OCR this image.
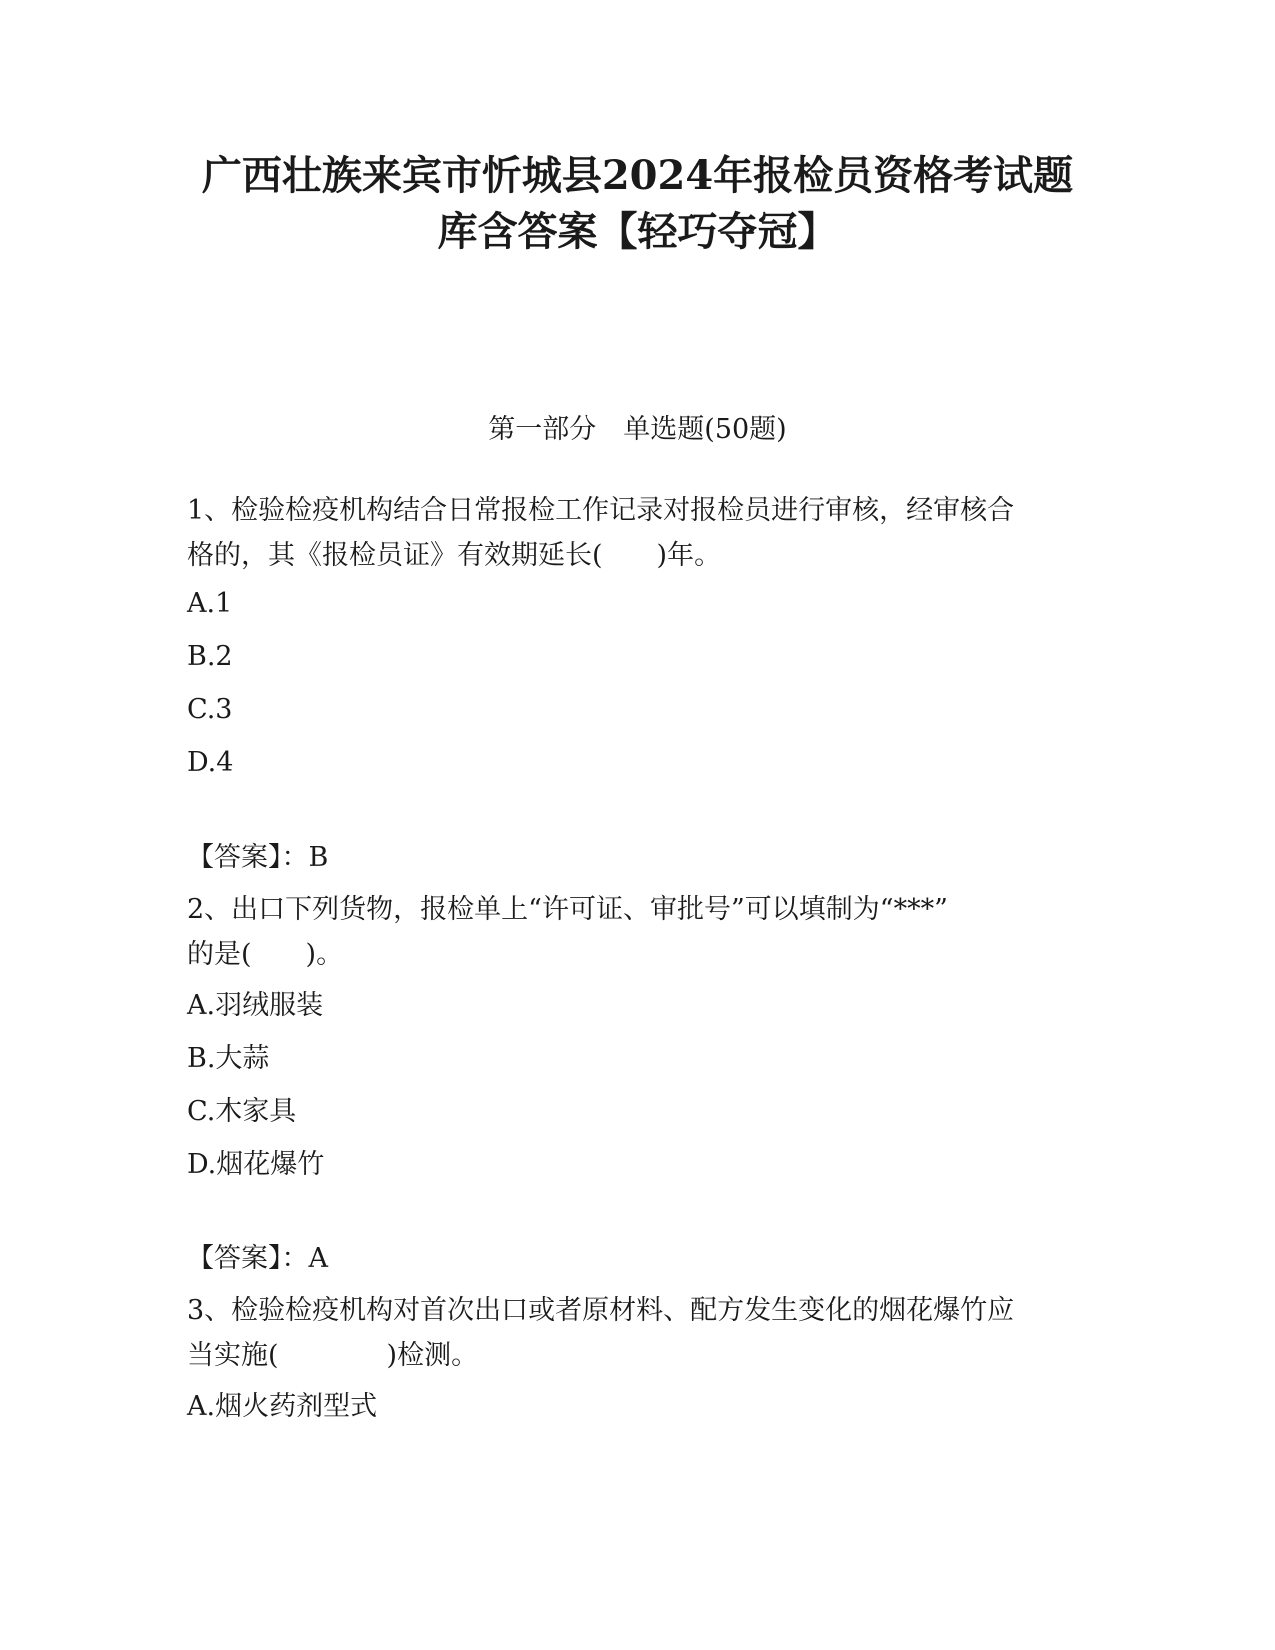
广西壮族来宾市忻城县2024年报检员资格考试题
库含答案【轻巧夺冠】
第一部分　单选题(50题)
1、检验检疫机构结合日常报检工作记录对报检员进行审核，经审核合
格的，其《报检员证》有效期延长(　　)年。
A.1
B.2
C.3
D.4
【答案】：B
2、出口下列货物，报检单上“许可证、审批号”可以填制为“***”
的是(　　)。
A.羽绒服装
B.大蒜
C.木家具
D.烟花爆竹
【答案】：A
3、检验检疫机构对首次出口或者原材料、配方发生变化的烟花爆竹应
当实施(　　　　)检测。
A.烟火药剂型式
